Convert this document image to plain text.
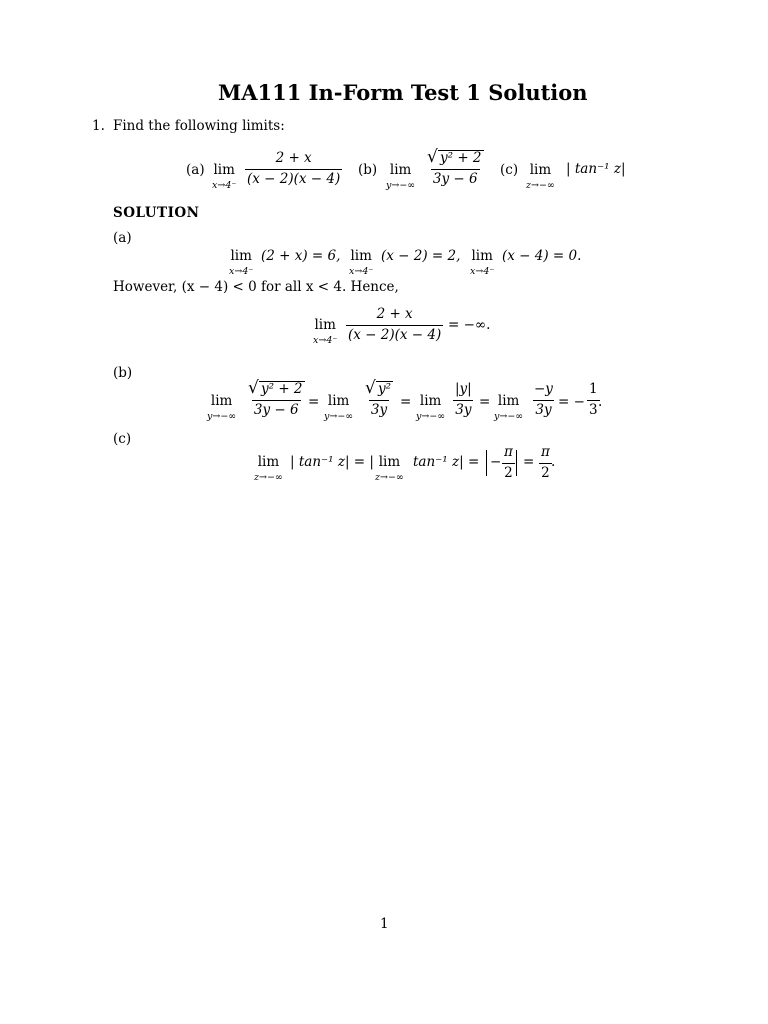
MA111 In-Form Test 1 Solution
1. Find the following limits:
(a) lim
$x\to 4^- \frac{2 + x}{(x - 2)(x - 4)} (b)$ lim
$y\to-\infty \frac{\text{√ y² + 2}}{3y - 6} (c)$ lim
z→−∞
| tan⁻¹ z|
SOLUTION
(a)
lim
x→4⁻
(2 + x) = 6, lim
x→4⁻
(x − 2) = 2, lim
x→4⁻
(x − 4) = 0.
However, (x − 4) < 0 for all x < 4. Hence,
lim
$x\to 4^- \frac{2 + x}{(x - 2)(x - 4)}$ = −∞.
(b)
lim
$y\to-\infty \frac{\text{√ y² + 2}}{3y - 6} = \lim$
$y\to-\infty \frac{\text{√ y²}}{3y} = \lim$
$y\to-\infty \frac{|y|}{3y} = \lim$
$y\to-\infty \frac{-y}{3y}$ = − $\frac{1}{3}$
.
(c)
lim
z→−∞
| tan⁻¹ z| = | lim
z→−∞
tan⁻¹ z| = − $\frac{\pi}{2} = \frac{\pi}{2}$ .
1
